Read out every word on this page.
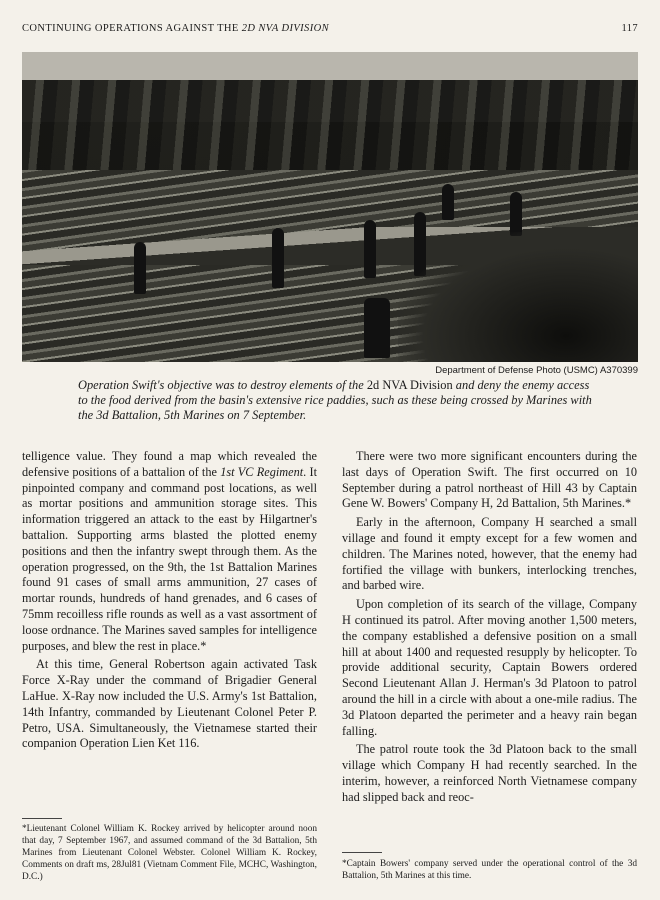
CONTINUING OPERATIONS AGAINST THE 2D NVA DIVISION	117
Department of Defense Photo (USMC) A370399
Operation Swift's objective was to destroy elements of the 2d NVA Division and deny the enemy access to the food derived from the basin's extensive rice paddies, such as these being crossed by Marines with the 3d Battalion, 5th Marines on 7 September.

telligence value. They found a map which revealed the defensive positions of a battalion of the 1st VC Regiment. It pinpointed company and command post locations, as well as mortar positions and ammunition storage sites. This information triggered an attack to the east by Hilgartner's battalion. Supporting arms blasted the plotted enemy positions and then the infantry swept through them. As the operation progressed, on the 9th, the 1st Battalion Marines found 91 cases of small arms ammunition, 27 cases of mortar rounds, hundreds of hand grenades, and 6 cases of 75mm recoilless rifle rounds as well as a vast assortment of loose ordnance. The Marines saved samples for intelligence purposes, and blew the rest in place.*

At this time, General Robertson again activated Task Force X-Ray under the command of Brigadier General LaHue. X-Ray now included the U.S. Army's 1st Battalion, 14th Infantry, commanded by Lieutenant Colonel Peter P. Petro, USA. Simultaneously, the Vietnamese started their companion Operation Lien Ket 116.

*Lieutenant Colonel William K. Rockey arrived by helicopter around noon that day, 7 September 1967, and assumed command of the 3d Battalion, 5th Marines from Lieutenant Colonel Webster. Colonel William K. Rockey, Comments on draft ms, 28Jul81 (Vietnam Comment File, MCHC, Washington, D.C.)

There were two more significant encounters during the last days of Operation Swift. The first occurred on 10 September during a patrol northeast of Hill 43 by Captain Gene W. Bowers' Company H, 2d Battalion, 5th Marines.*

Early in the afternoon, Company H searched a small village and found it empty except for a few women and children. The Marines noted, however, that the enemy had fortified the village with bunkers, interlocking trenches, and barbed wire.

Upon completion of its search of the village, Company H continued its patrol. After moving another 1,500 meters, the company established a defensive position on a small hill at about 1400 and requested resupply by helicopter. To provide additional security, Captain Bowers ordered Second Lieutenant Allan J. Herman's 3d Platoon to patrol around the hill in a circle with about a one-mile radius. The 3d Platoon departed the perimeter and a heavy rain began falling.

The patrol route took the 3d Platoon back to the small village which Company H had recently searched. In the interim, however, a reinforced North Vietnamese company had slipped back and reoc-

*Captain Bowers' company served under the operational control of the 3d Battalion, 5th Marines at this time.
